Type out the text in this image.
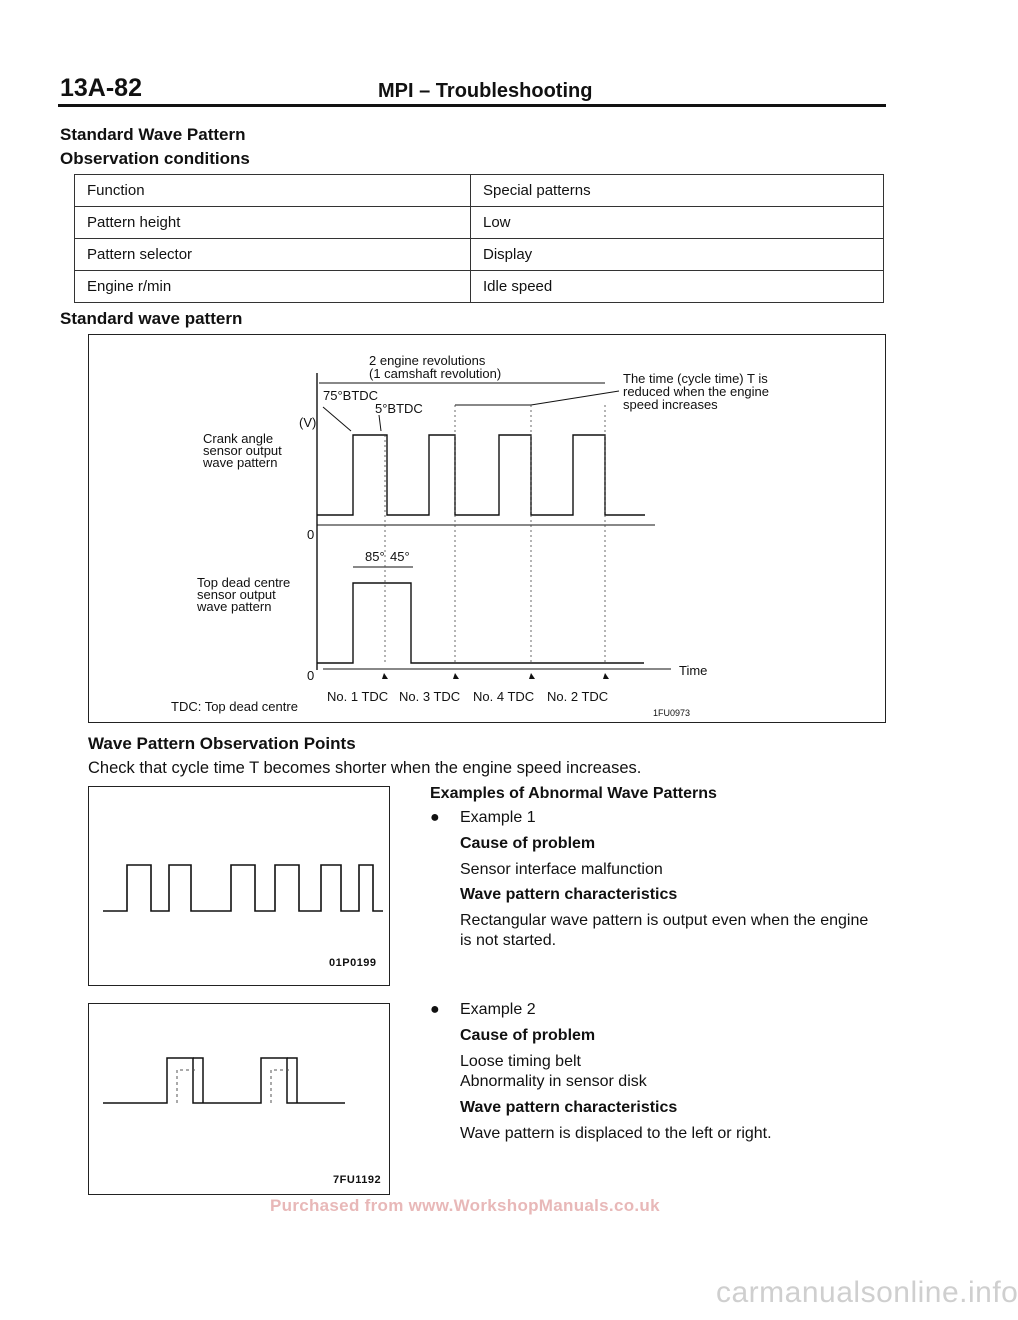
13A-82	MPI – Troubleshooting
Standard Wave Pattern
Observation conditions
Function	Special patterns
Pattern height	Low
Pattern selector	Display
Engine r/min	Idle speed
Standard wave pattern
2 engine revolutions
(1 camshaft revolution)	The time (cycle time) T is
reduced when the engine
speed increases
75°BTDC
5°BTDC
(V)
Crank angle
sensor output
wave pattern
0
85° 45°
Top dead centre
sensor output
wave pattern
0	Time
No. 1 TDC No. 3 TDC No. 4 TDC No. 2 TDC
TDC: Top dead centre	1FU0973
Wave Pattern Observation Points
Check that cycle time T becomes shorter when the engine speed increases.
01P0199
Examples of Abnormal Wave Patterns
● Example 1
Cause of problem
Sensor interface malfunction
Wave pattern characteristics
Rectangular wave pattern is output even when the engine
is not started.
7FU1192
● Example 2
Cause of problem
Loose timing belt
Abnormality in sensor disk
Wave pattern characteristics
Wave pattern is displaced to the left or right.
Purchased from www.WorkshopManuals.co.uk
carmanualsonline.info
